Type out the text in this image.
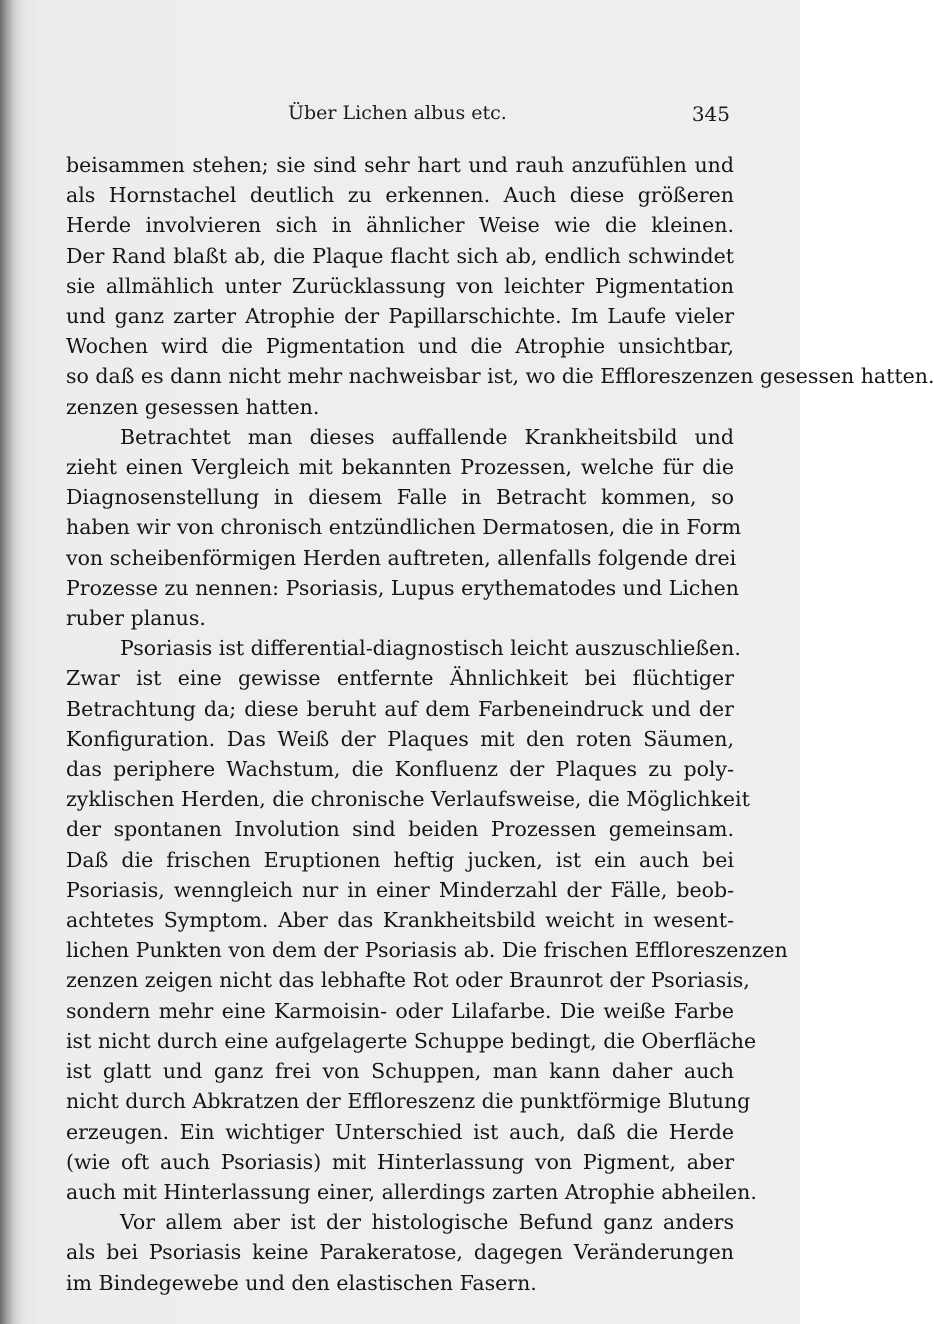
Über Lichen albus etc.	345

beisammen stehen; sie sind sehr hart und rauh anzufühlen und
als Hornstachel deutlich zu erkennen. Auch diese größeren
Herde involvieren sich in ähnlicher Weise wie die kleinen.
Der Rand blaßt ab, die Plaque flacht sich ab, endlich schwindet
sie allmählich unter Zurücklassung von leichter Pigmentation
und ganz zarter Atrophie der Papillarschichte. Im Laufe vieler
Wochen wird die Pigmentation und die Atrophie unsichtbar,
so daß es dann nicht mehr nachweisbar ist, wo die Effloreszenzen gesessen hatten.
zenzen gesessen hatten.

Betrachtet man dieses auffallende Krankheitsbild und
zieht einen Vergleich mit bekannten Prozessen, welche für die
Diagnosenstellung in diesem Falle in Betracht kommen, so
haben wir von chronisch entzündlichen Dermatosen, die in Form
von scheibenförmigen Herden auftreten, allenfalls folgende drei
Prozesse zu nennen: Psoriasis, Lupus erythematodes und Lichen
ruber planus.

Psoriasis ist differential-diagnostisch leicht auszuschließen.
Zwar ist eine gewisse entfernte Ähnlichkeit bei flüchtiger
Betrachtung da; diese beruht auf dem Farbeneindruck und der
Konfiguration. Das Weiß der Plaques mit den roten Säumen,
das periphere Wachstum, die Konfluenz der Plaques zu poly-
zyklischen Herden, die chronische Verlaufsweise, die Möglichkeit
der spontanen Involution sind beiden Prozessen gemeinsam.
Daß die frischen Eruptionen heftig jucken, ist ein auch bei
Psoriasis, wenngleich nur in einer Minderzahl der Fälle, beob-
achtetes Symptom. Aber das Krankheitsbild weicht in wesent-
lichen Punkten von dem der Psoriasis ab. Die frischen Effloreszenzen
zenzen zeigen nicht das lebhafte Rot oder Braunrot der Psoriasis,
sondern mehr eine Karmoisin- oder Lilafarbe. Die weiße Farbe
ist nicht durch eine aufgelagerte Schuppe bedingt, die Oberfläche
ist glatt und ganz frei von Schuppen, man kann daher auch
nicht durch Abkratzen der Effloreszenz die punktförmige Blutung
erzeugen. Ein wichtiger Unterschied ist auch, daß die Herde
(wie oft auch Psoriasis) mit Hinterlassung von Pigment, aber
auch mit Hinterlassung einer, allerdings zarten Atrophie abheilen.

Vor allem aber ist der histologische Befund ganz anders
als bei Psoriasis keine Parakeratose, dagegen Veränderungen
im Bindegewebe und den elastischen Fasern.
